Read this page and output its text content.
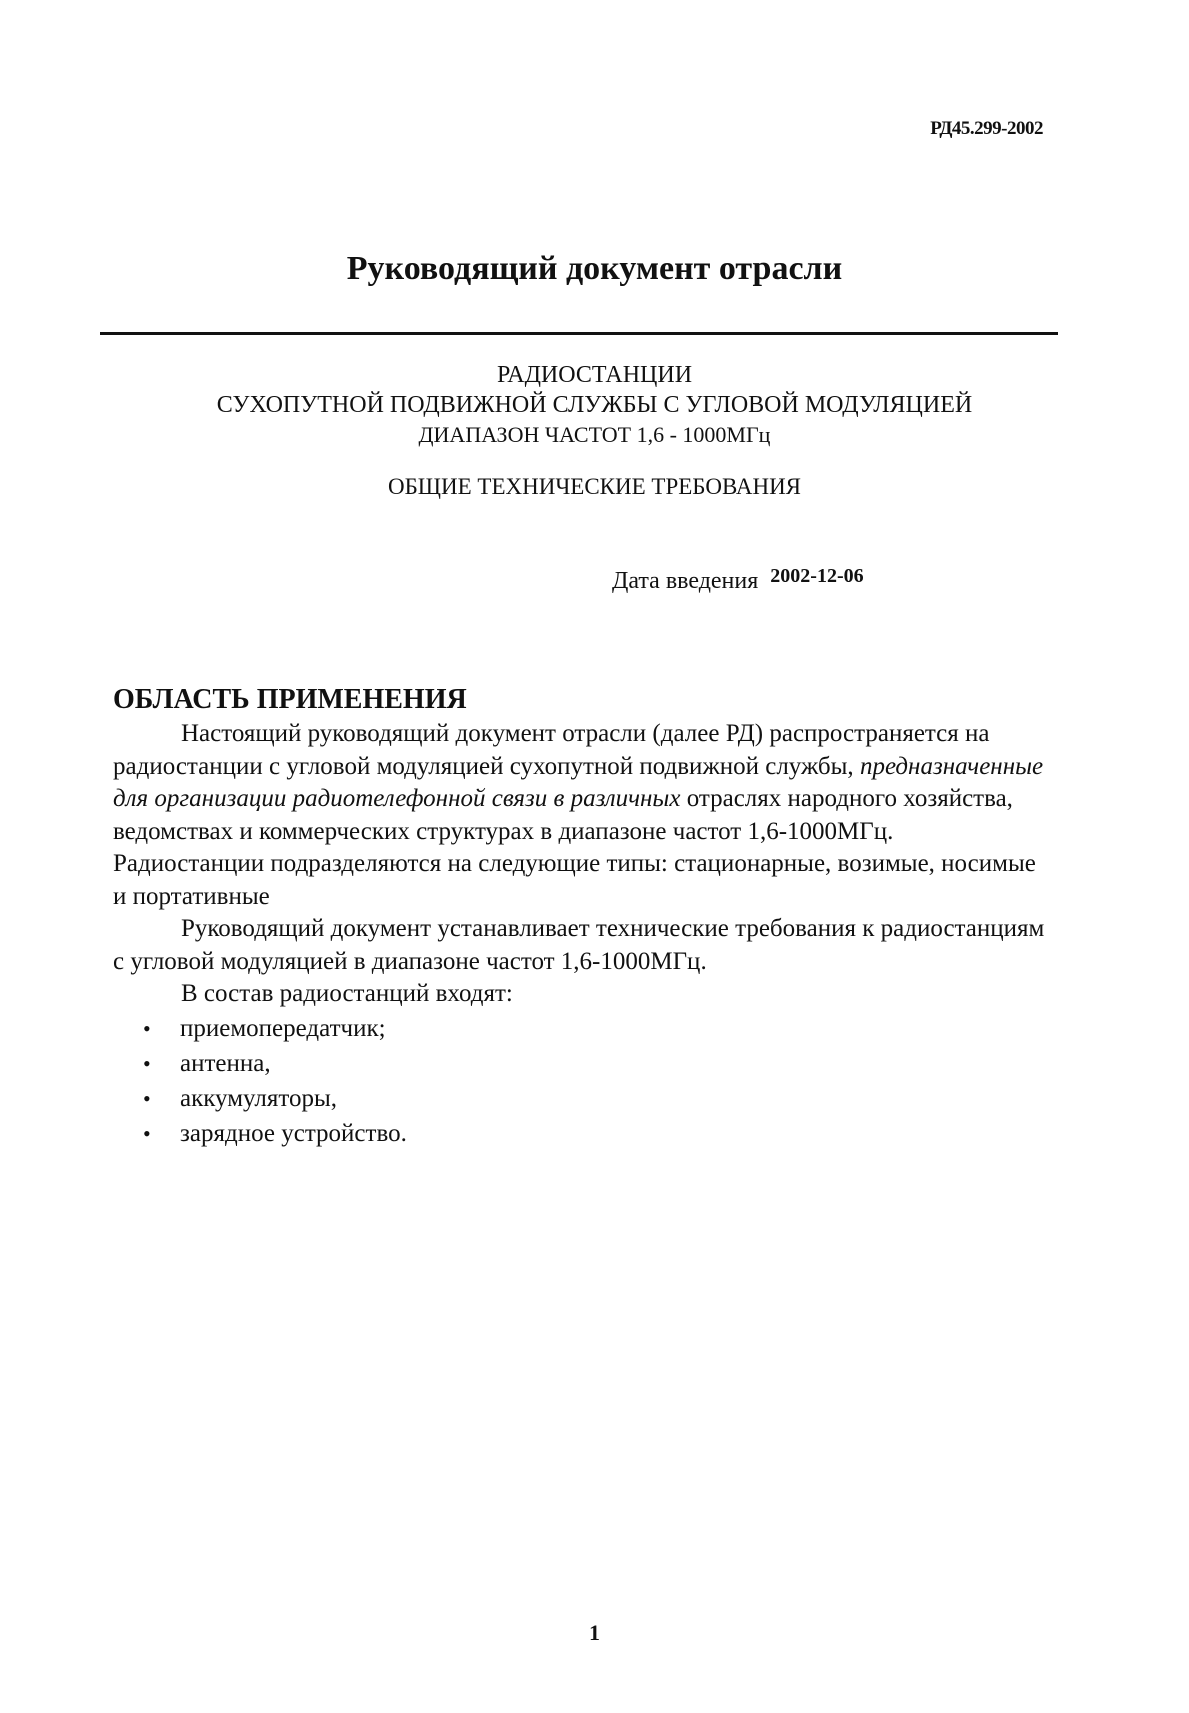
РД45.299-2002
Руководящий документ отрасли
РАДИОСТАНЦИИ
СУХОПУТНОЙ ПОДВИЖНОЙ СЛУЖБЫ С УГЛОВОЙ МОДУЛЯЦИЕЙ
ДИАПАЗОН ЧАСТОТ 1,6 - 1000МГц
ОБЩИЕ ТЕХНИЧЕСКИЕ ТРЕБОВАНИЯ
Дата введения $^{2002-12-06}$
ОБЛАСТЬ ПРИМЕНЕНИЯ

Настоящий руководящий документ отрасли (далее РД) распространяется на радиостанции с угловой модуляцией сухопутной подвижной службы, предназначенные для организации радиотелефонной связи в различных отраслях народного хозяйства, ведомствах и коммерческих структурах в диапазоне частот 1,6-1000МГц.

Радиостанции подразделяются на следующие типы: стационарные, возимые, носимые и портативные

Руководящий документ устанавливает технические требования к радиостанциям с угловой модуляцией в диапазоне частот 1,6-1000МГц.

В состав радиостанций входят:

• приемопередатчик;
• антенна,
• аккумуляторы,
• зарядное устройство.
1
